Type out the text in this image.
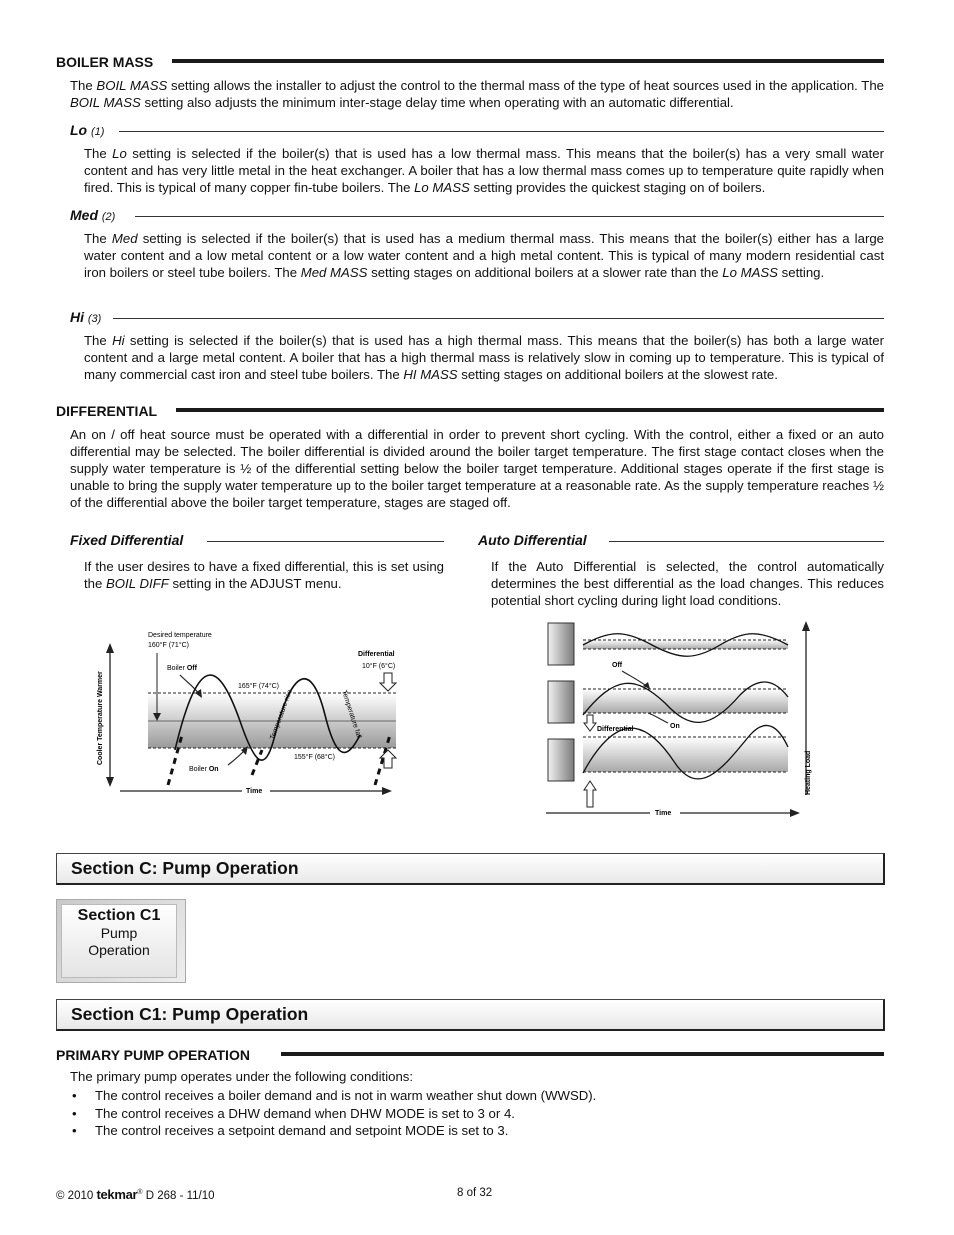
BOILER MASS
The BOIL MASS setting allows the installer to adjust the control to the thermal mass of the type of heat sources used in the application. The BOIL MASS setting also adjusts the minimum inter-stage delay time when operating with an automatic differential.
Lo (1)
The Lo setting is selected if the boiler(s) that is used has a low thermal mass. This means that the boiler(s) has a very small water content and has very little metal in the heat exchanger. A boiler that has a low thermal mass comes up to temperature quite rapidly when fired. This is typical of many copper fin-tube boilers. The Lo MASS setting provides the quickest staging on of boilers.
Med (2)
The Med setting is selected if the boiler(s) that is used has a medium thermal mass. This means that the boiler(s) either has a large water content and a low metal content or a low water content and a high metal content. This is typical of many modern residential cast iron boilers or steel tube boilers. The Med MASS setting stages on additional boilers at a slower rate than the Lo MASS setting.
Hi (3)
The Hi setting is selected if the boiler(s) that is used has a high thermal mass. This means that the boiler(s) has both a large water content and a large metal content. A boiler that has a high thermal mass is relatively slow in coming up to temperature. This is typical of many commercial cast iron and steel tube boilers. The HI MASS setting stages on additional boilers at the slowest rate.
DIFFERENTIAL
An on / off heat source must be operated with a differential in order to prevent short cycling. With the control, either a fixed or an auto differential may be selected. The boiler differential is divided around the boiler target temperature. The first stage contact closes when the supply water temperature is ½ of the differential setting below the boiler target temperature. Additional stages operate if the first stage is unable to bring the supply water temperature up to the boiler target temperature at a reasonable rate. As the supply temperature reaches ½ of the differential above the boiler target temperature, stages are staged off.
Fixed Differential
If the user desires to have a fixed differential, this is set using the BOIL DIFF setting in the ADJUST menu.
Auto Differential
If the Auto Differential is selected, the control automatically determines the best differential as the load changes. This reduces potential short cycling during light load conditions.
Desired temperature
160°F (71°C)
Boiler Off
Boiler On
165°F (74°C)
155°F (68°C)
Temperature rise	Temperature fall
Differential
10°F (6°C)
Cooler Temperature Warmer
Time
Off
On
Differential
Heating Load
Time
Section C: Pump Operation
Section C1
Pump
Operation
Section C1: Pump Operation
PRIMARY PUMP OPERATION
The primary pump operates under the following conditions:
• The control receives a boiler demand and is not in warm weather shut down (WWSD).
• The control receives a DHW demand when DHW MODE is set to 3 or 4.
• The control receives a setpoint demand and setpoint MODE is set to 3.
© 2010 tekmar® D 268 - 11/10	8 of 32
